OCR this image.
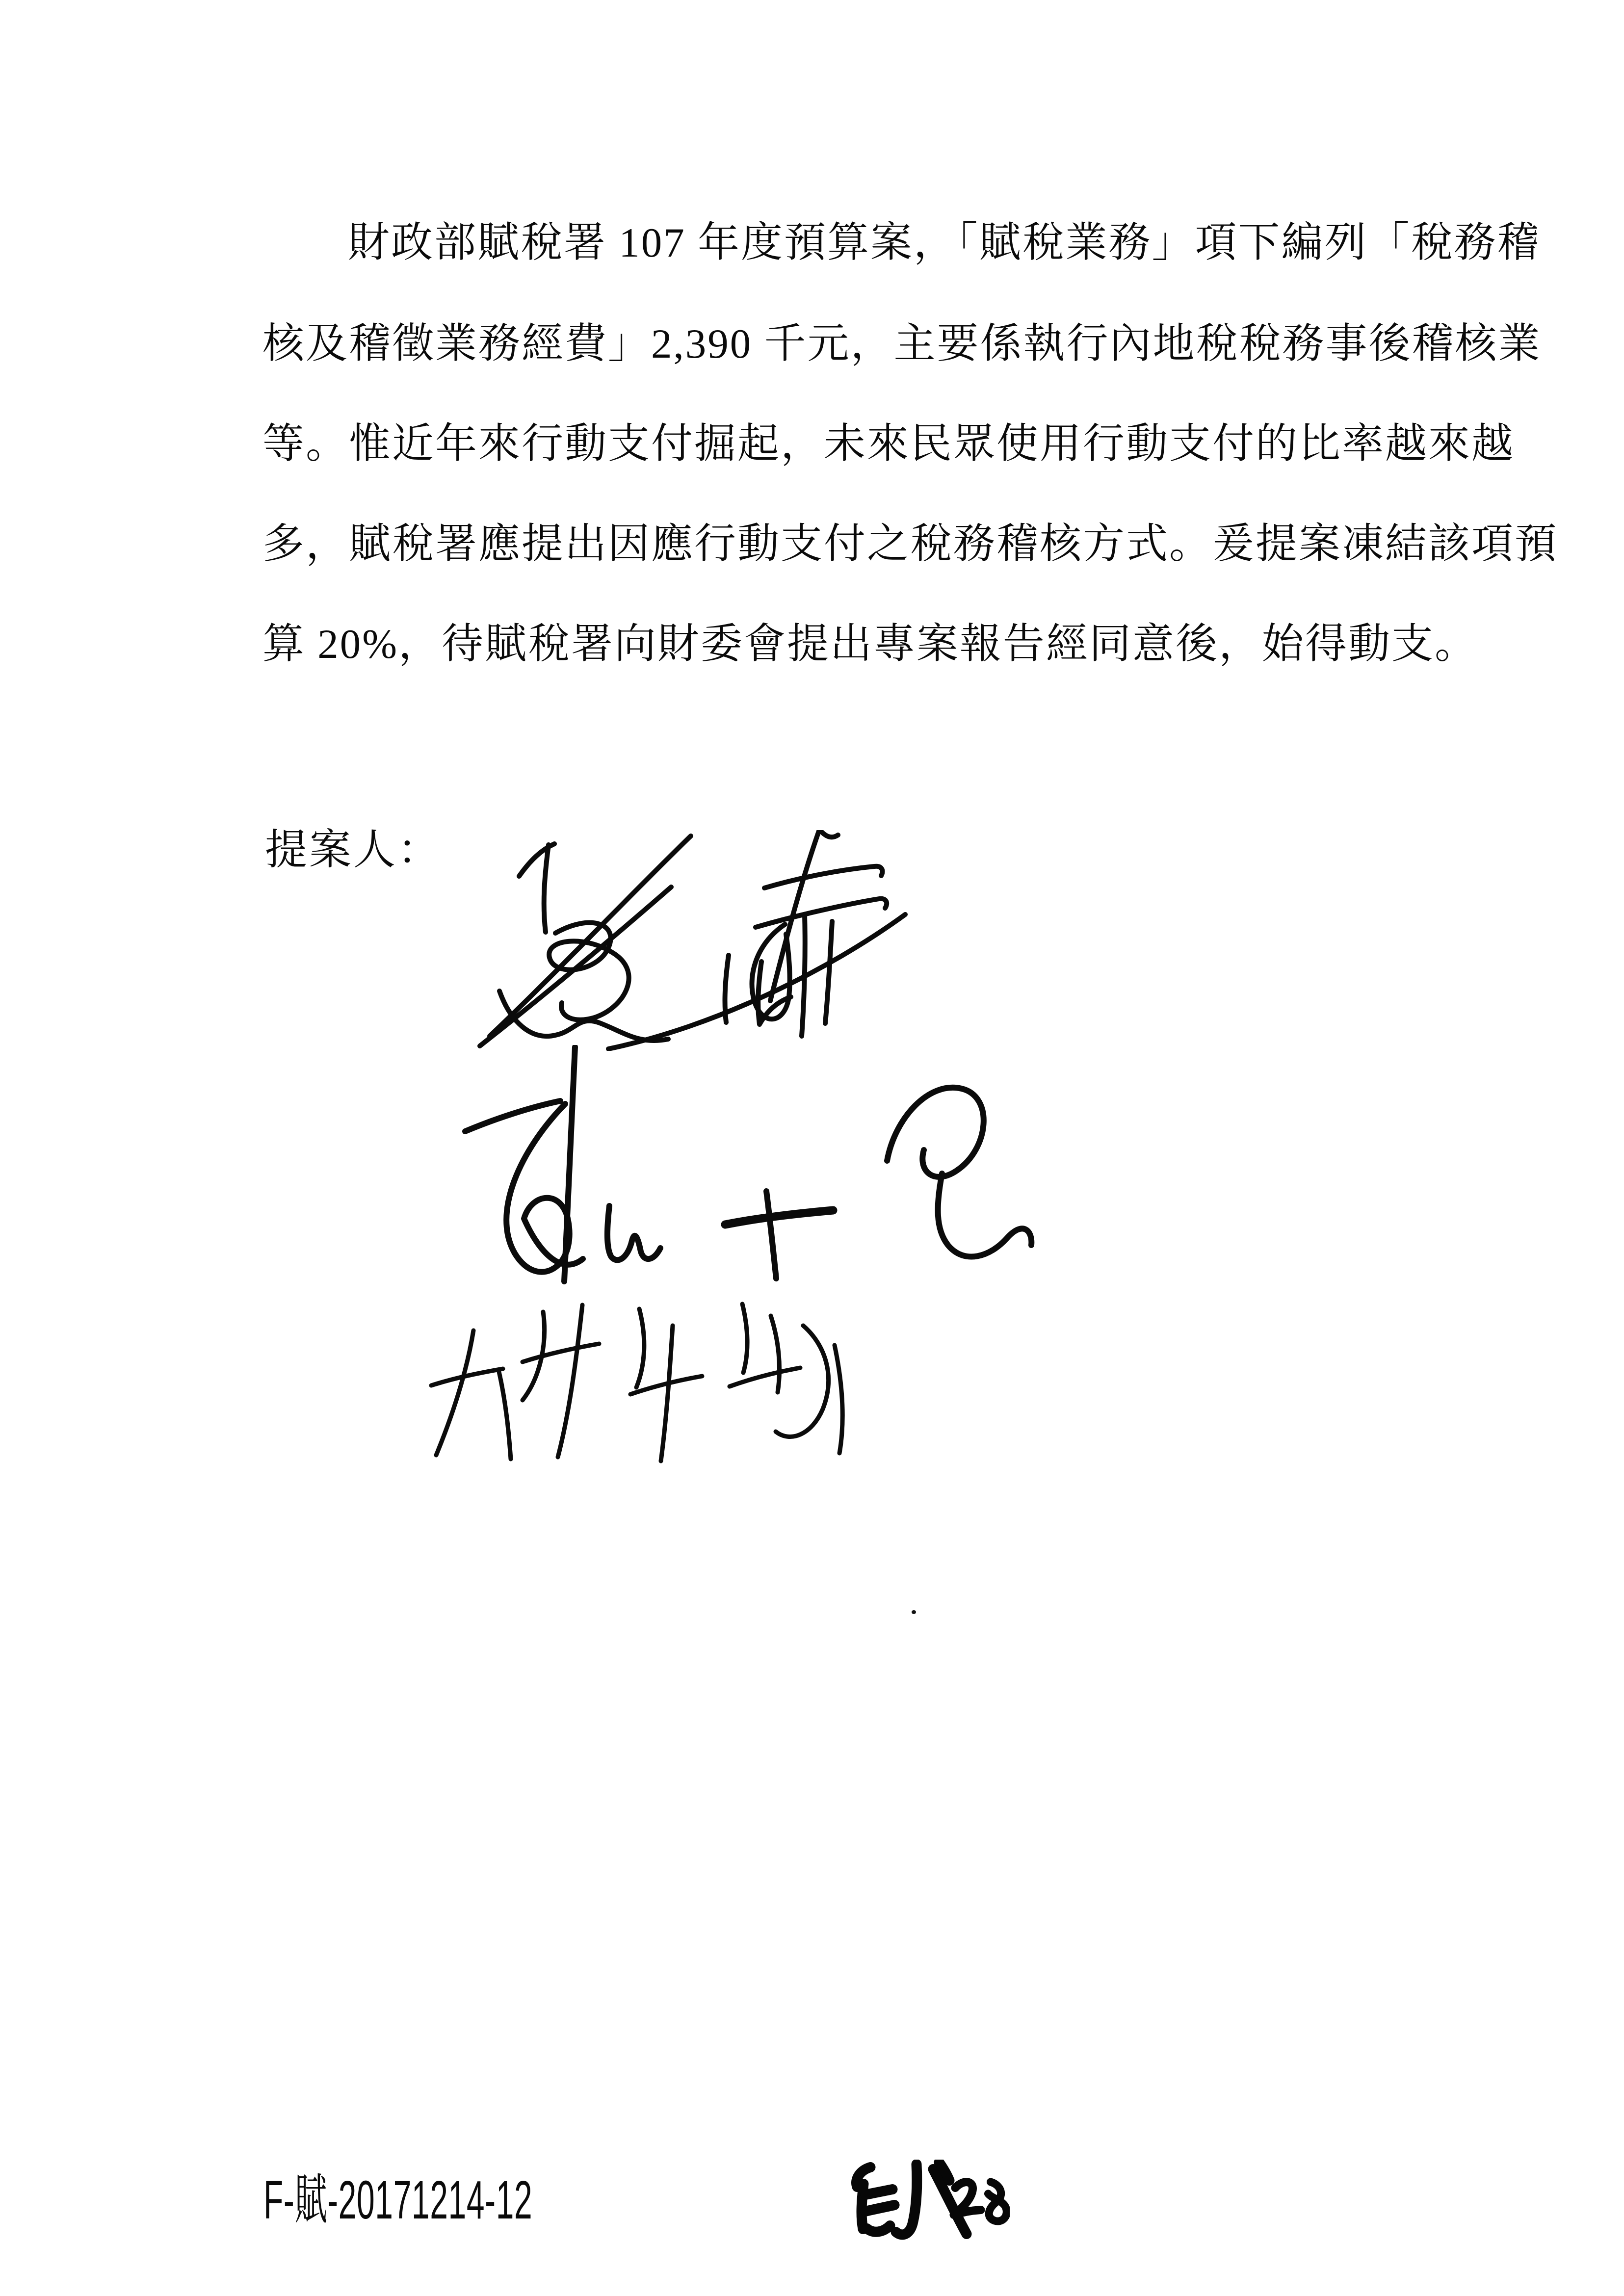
財政部賦稅署 107 年度預算案，「賦稅業務」項下編列「稅務稽
核及稽徵業務經費」2,390 千元，主要係執行內地稅稅務事後稽核業
等。惟近年來行動支付掘起，未來民眾使用行動支付的比率越來越
多，賦稅署應提出因應行動支付之稅務稽核方式。爰提案凍結該項預
算 20%，待賦稅署向財委會提出專案報告經同意後，始得動支。
提案人：
F-賦-20171214-12
